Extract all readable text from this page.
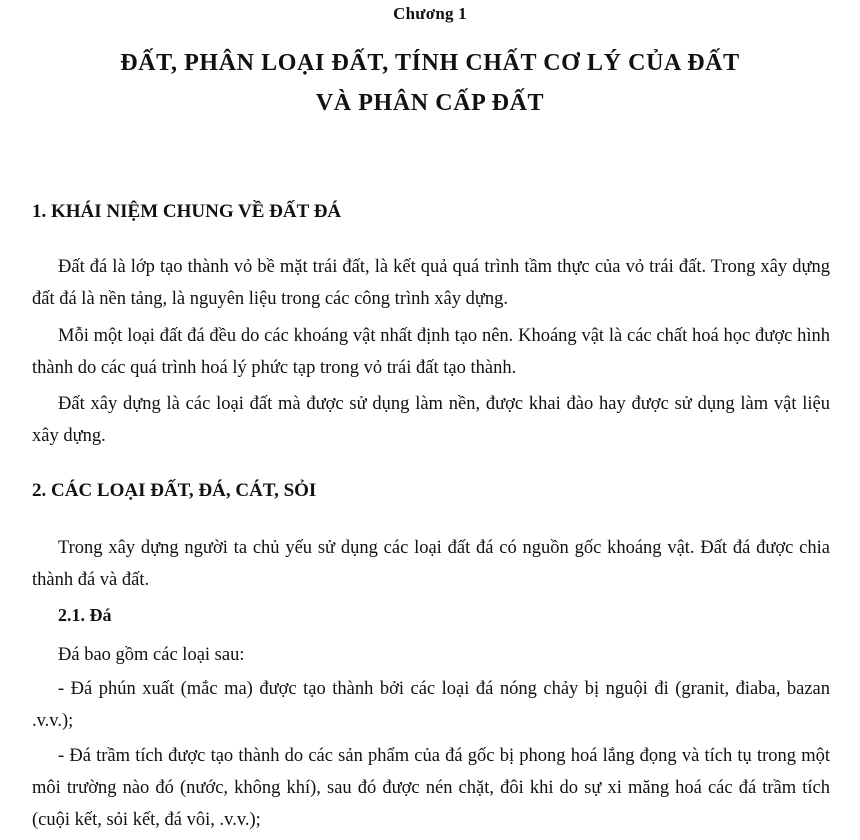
Chương 1
ĐẤT, PHÂN LOẠI ĐẤT, TÍNH CHẤT CƠ LÝ CỦA ĐẤT
VÀ PHÂN CẤP ĐẤT
1. KHÁI NIỆM CHUNG VỀ ĐẤT ĐÁ

Đất đá là lớp tạo thành vỏ bề mặt trái đất, là kết quả quá trình tầm thực của vỏ trái đất. Trong xây dựng đất đá là nền tảng, là nguyên liệu trong các công trình xây dựng.

Mỗi một loại đất đá đều do các khoáng vật nhất định tạo nên. Khoáng vật là các chất hoá học được hình thành do các quá trình hoá lý phức tạp trong vỏ trái đất tạo thành.

Đất xây dựng là các loại đất mà được sử dụng làm nền, được khai đào hay được sử dụng làm vật liệu xây dựng.

2. CÁC LOẠI ĐẤT, ĐÁ, CÁT, SỎI

Trong xây dựng người ta chủ yếu sử dụng các loại đất đá có nguồn gốc khoáng vật. Đất đá được chia thành đá và đất.

2.1. Đá

Đá bao gồm các loại sau:

- Đá phún xuất (mắc ma) được tạo thành bởi các loại đá nóng chảy bị nguội đi (granit, điaba, bazan .v.v.);

- Đá trầm tích được tạo thành do các sản phẩm của đá gốc bị phong hoá lắng đọng và tích tụ trong một môi trường nào đó (nước, không khí), sau đó được nén chặt, đôi khi do sự xi măng hoá các đá trầm tích (cuội kết, sỏi kết, đá vôi, .v.v.);
